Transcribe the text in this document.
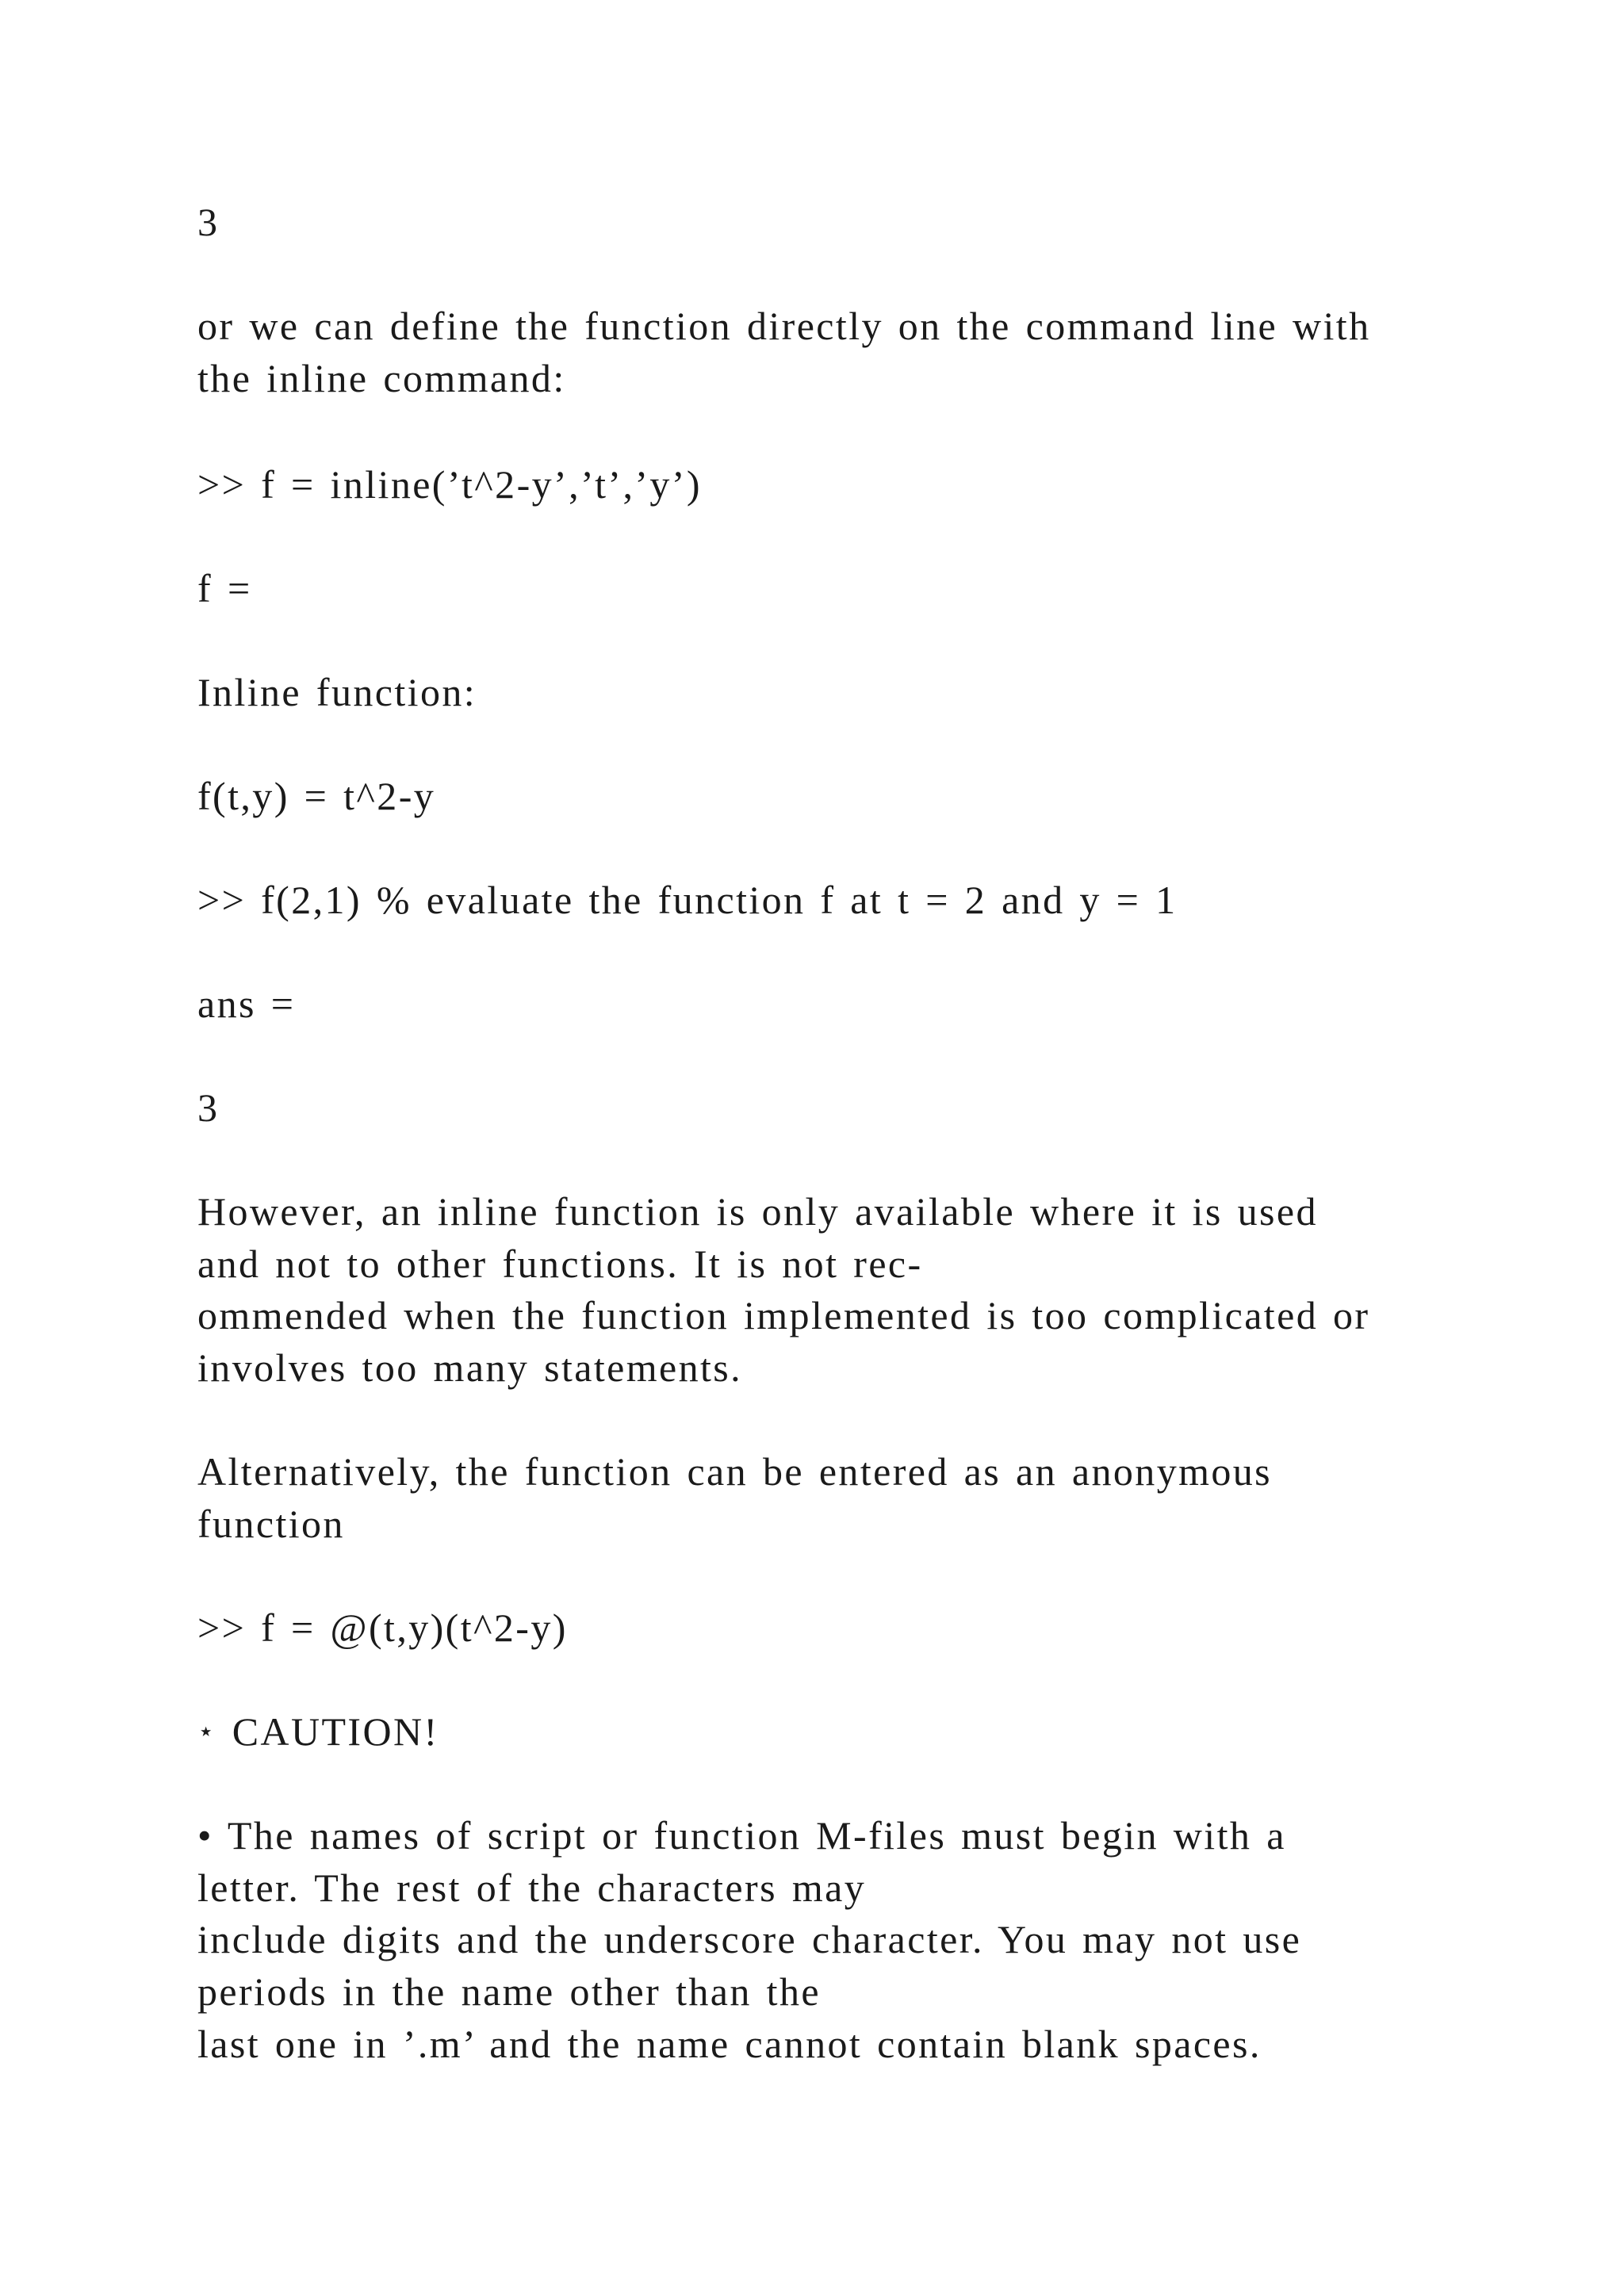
3
or we can define the function directly on the command line with
the inline command:
>> f = inline(’t^2-y’,’t’,’y’)
f =
Inline function:
f(t,y) = t^2-y
>> f(2,1) % evaluate the function f at t = 2 and y = 1
ans =
3
However, an inline function is only available where it is used
and not to other functions. It is not rec-
ommended when the function implemented is too complicated or
involves too many statements.
Alternatively, the function can be entered as an anonymous
function
>> f = @(t,y)(t^2-y)
⋆ CAUTION!
• The names of script or function M-files must begin with a
letter. The rest of the characters may
include digits and the underscore character. You may not use
periods in the name other than the
last one in ’.m’ and the name cannot contain blank spaces.
